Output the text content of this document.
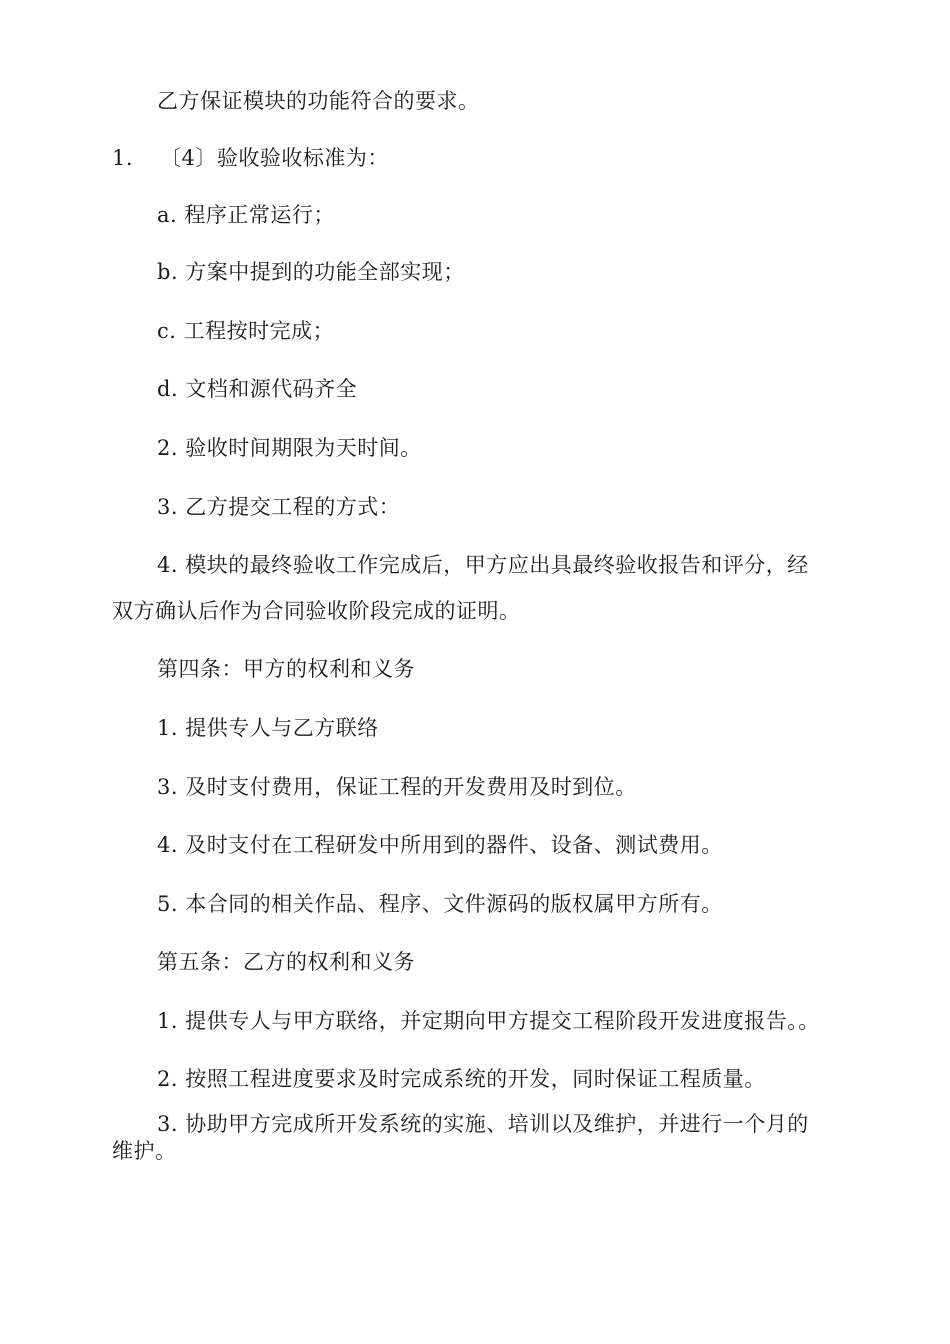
乙方保证模块的功能符合的要求。
1. 〔4〕验收验收标准为：
a. 程序正常运行；
b. 方案中提到的功能全部实现；
c. 工程按时完成；
d. 文档和源代码齐全
2. 验收时间期限为天时间。
3. 乙方提交工程的方式：
4. 模块的最终验收工作完成后，甲方应出具最终验收报告和评分，经
双方确认后作为合同验收阶段完成的证明。
第四条：甲方的权利和义务
1. 提供专人与乙方联络
3. 及时支付费用，保证工程的开发费用及时到位。
4. 及时支付在工程研发中所用到的器件、设备、测试费用。
5. 本合同的相关作品、程序、文件源码的版权属甲方所有。
第五条：乙方的权利和义务
1. 提供专人与甲方联络，并定期向甲方提交工程阶段开发进度报告。。
2. 按照工程进度要求及时完成系统的开发，同时保证工程质量。
3. 协助甲方完成所开发系统的实施、培训以及维护，并进行一个月的
维护。
